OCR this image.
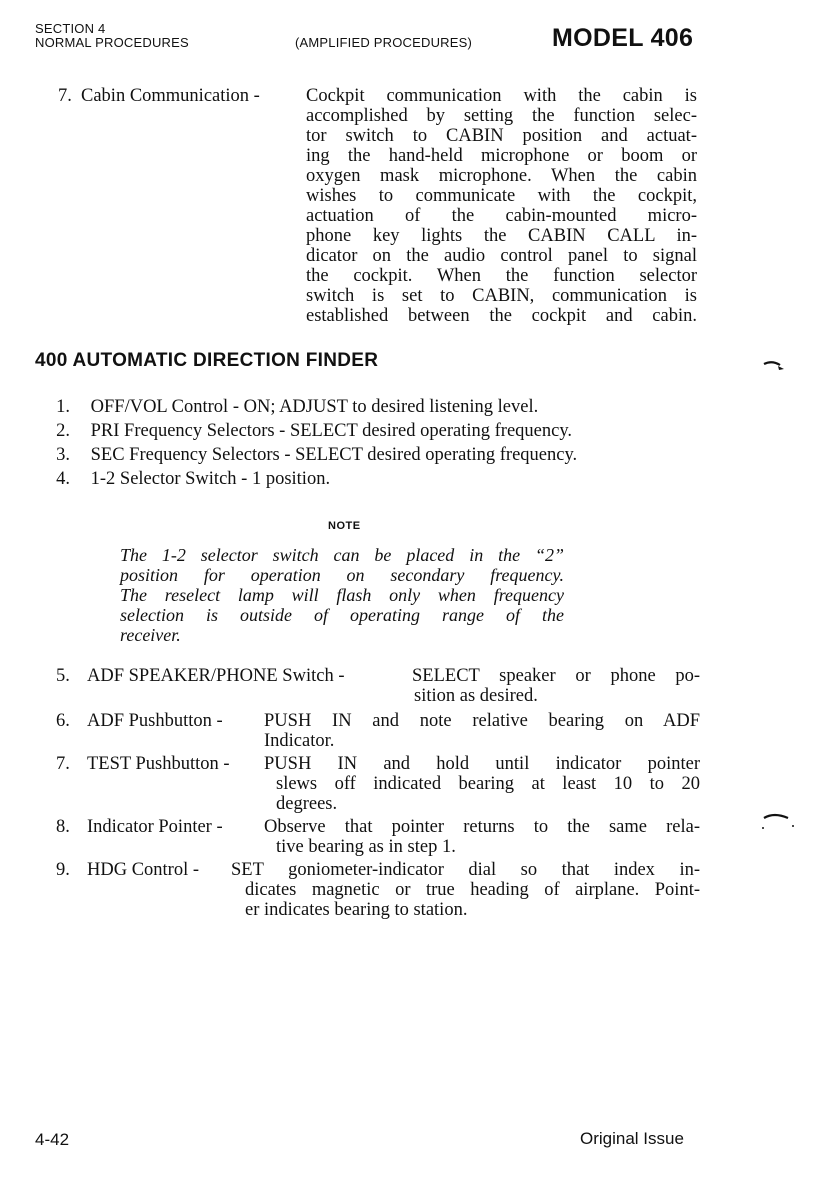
SECTION 4
NORMAL PROCEDURES	(AMPLIFIED PROCEDURES)	MODEL 406
7. Cabin Communication - Cockpit communication with the cabin is
accomplished by setting the function selec-
tor switch to CABIN position and actuat-
ing the hand-held microphone or boom or
oxygen mask microphone. When the cabin
wishes to communicate with the cockpit,
actuation of the cabin-mounted micro-
phone key lights the CABIN CALL in-
dicator on the audio control panel to signal
the cockpit. When the function selector
switch is set to CABIN, communication is
established between the cockpit and cabin.
400 AUTOMATIC DIRECTION FINDER
1. OFF/VOL Control - ON; ADJUST to desired listening level.
2. PRI Frequency Selectors - SELECT desired operating frequency.
3. SEC Frequency Selectors - SELECT desired operating frequency.
4. 1-2 Selector Switch - 1 position.
NOTE
The 1-2 selector switch can be placed in the “2”
position for operation on secondary frequency.
The reselect lamp will flash only when frequency
selection is outside of operating range of the
receiver.
5. ADF SPEAKER/PHONE Switch -	SELECT speaker or phone po-
sition as desired.
6. ADF Pushbutton - PUSH IN and note relative bearing on ADF
Indicator.
7. TEST Pushbutton - PUSH IN and hold until indicator pointer
slews off indicated bearing at least 10 to 20
degrees.
8. Indicator Pointer - Observe that pointer returns to the same rela-
tive bearing as in step 1.
9. HDG Control - SET goniometer-indicator dial so that index in-
dicates magnetic or true heading of airplane. Point-
er indicates bearing to station.
4-42	Original Issue
